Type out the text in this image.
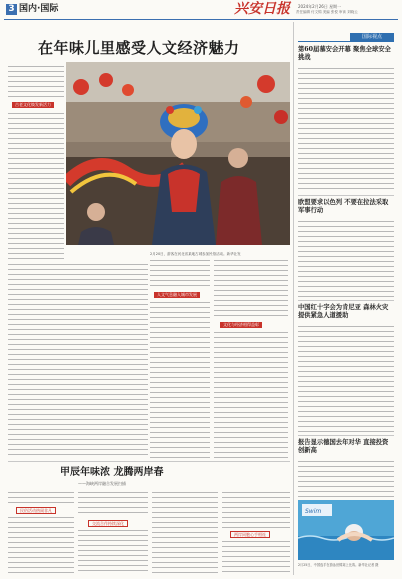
3 国内·国际	兴安日报 2024年2月26日 星期一
责任编辑 付文锦 美编 张悦 审读 刘晓云
在年味儿里感受人文经济魅力
古老文化焕发新活力
2月20日，游客在河北省某地古城参加民俗活动。新华社发
人文气息融入城市发展
文化与经济相得益彰
甲辰年味浓 龙腾两岸春
——海峡两岸融合发展扫描
民俗活动热闹非凡
交流合作持续深化
两岸同胞心手相连
国际视点
第60届慕安会开幕 聚焦全球安全挑战
欧盟要求以色列 不要在拉法采取军事行动
中国红十字会为肯尼亚 森林火灾提供紧急人道援助
报告显示德国去年对华 直接投资创新高
Swim
2月25日，中国选手在游泳世锦赛上比赛。新华社记者 摄
